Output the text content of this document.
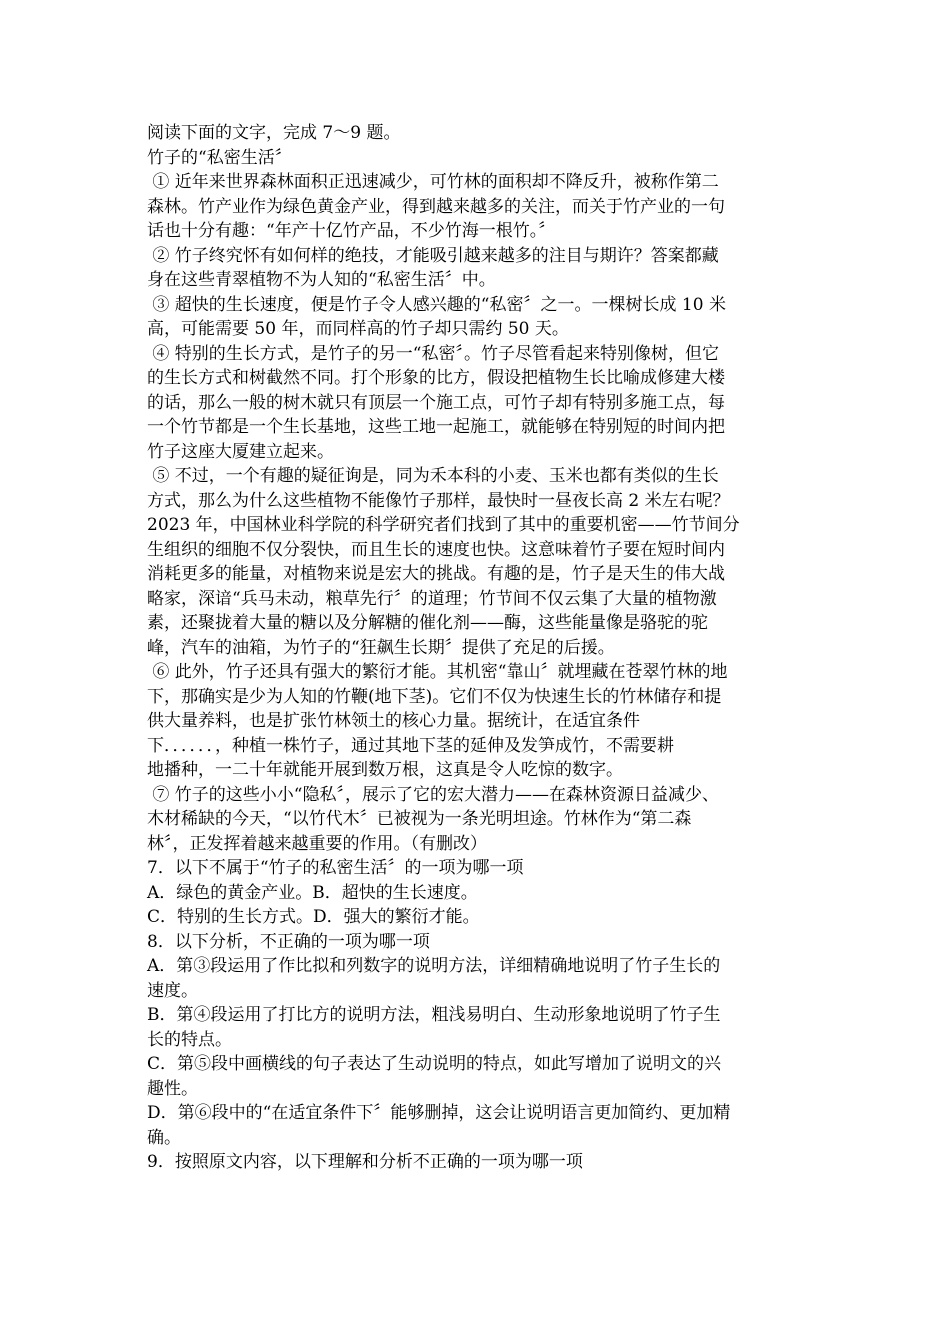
阅读下面的文字，完成 7～9 题。
竹子的“私密生活〞
① 近年来世界森林面积正迅速减少，可竹林的面积却不降反升，被称作第二
森林。竹产业作为绿色黄金产业，得到越来越多的关注，而关于竹产业的一句
话也十分有趣：“年产十亿竹产品，不少竹海一根竹。〞
② 竹子终究怀有如何样的绝技，才能吸引越来越多的注目与期许？答案都藏
身在这些青翠植物不为人知的“私密生活〞中。
③ 超快的生长速度，便是竹子令人感兴趣的“私密〞之一。一棵树长成 10 米
高，可能需要 50 年，而同样高的竹子却只需约 50 天。
④ 特别的生长方式，是竹子的另一“私密〞。竹子尽管看起来特别像树，但它
的生长方式和树截然不同。打个形象的比方，假设把植物生长比喻成修建大楼
的话，那么一般的树木就只有顶层一个施工点，可竹子却有特别多施工点，每
一个竹节都是一个生长基地，这些工地一起施工，就能够在特别短的时间内把
竹子这座大厦建立起来。
⑤ 不过，一个有趣的疑征询是，同为禾本科的小麦、玉米也都有类似的生长
方式，那么为什么这些植物不能像竹子那样，最快时一昼夜长高 2 米左右呢？
2023 年，中国林业科学院的科学研究者们找到了其中的重要机密——竹节间分
生组织的细胞不仅分裂快，而且生长的速度也快。这意味着竹子要在短时间内
消耗更多的能量，对植物来说是宏大的挑战。有趣的是，竹子是天生的伟大战
略家，深谙“兵马未动，粮草先行〞的道理；竹节间不仅云集了大量的植物激
素，还聚拢着大量的糖以及分解糖的催化剂——酶，这些能量像是骆驼的驼
峰，汽车的油箱，为竹子的“狂飙生长期〞提供了充足的后援。
⑥ 此外，竹子还具有强大的繁衍才能。其机密“靠山〞就埋藏在苍翠竹林的地
下，那确实是少为人知的竹鞭(地下茎)。它们不仅为快速生长的竹林储存和提
供大量养料，也是扩张竹林领土的核心力量。据统计，在适宜条件
下．．．．．．，种植一株竹子，通过其地下茎的延伸及发笋成竹，不需要耕
地播种，一二十年就能开展到数万根，这真是令人吃惊的数字。
⑦ 竹子的这些小小“隐私〞，展示了它的宏大潜力——在森林资源日益减少、
木材稀缺的今天，“以竹代木〞已被视为一条光明坦途。竹林作为“第二森
林〞，正发挥着越来越重要的作用。（有删改）
7．以下不属于“竹子的私密生活〞的一项为哪一项
A．绿色的黄金产业。B．超快的生长速度。
C．特别的生长方式。D．强大的繁衍才能。
8．以下分析，不正确的一项为哪一项
A．第③段运用了作比拟和列数字的说明方法，详细精确地说明了竹子生长的
速度。
B．第④段运用了打比方的说明方法，粗浅易明白、生动形象地说明了竹子生
长的特点。
C．第⑤段中画横线的句子表达了生动说明的特点，如此写增加了说明文的兴
趣性。
D．第⑥段中的“在适宜条件下〞能够删掉，这会让说明语言更加简约、更加精
确。
9．按照原文内容，以下理解和分析不正确的一项为哪一项
